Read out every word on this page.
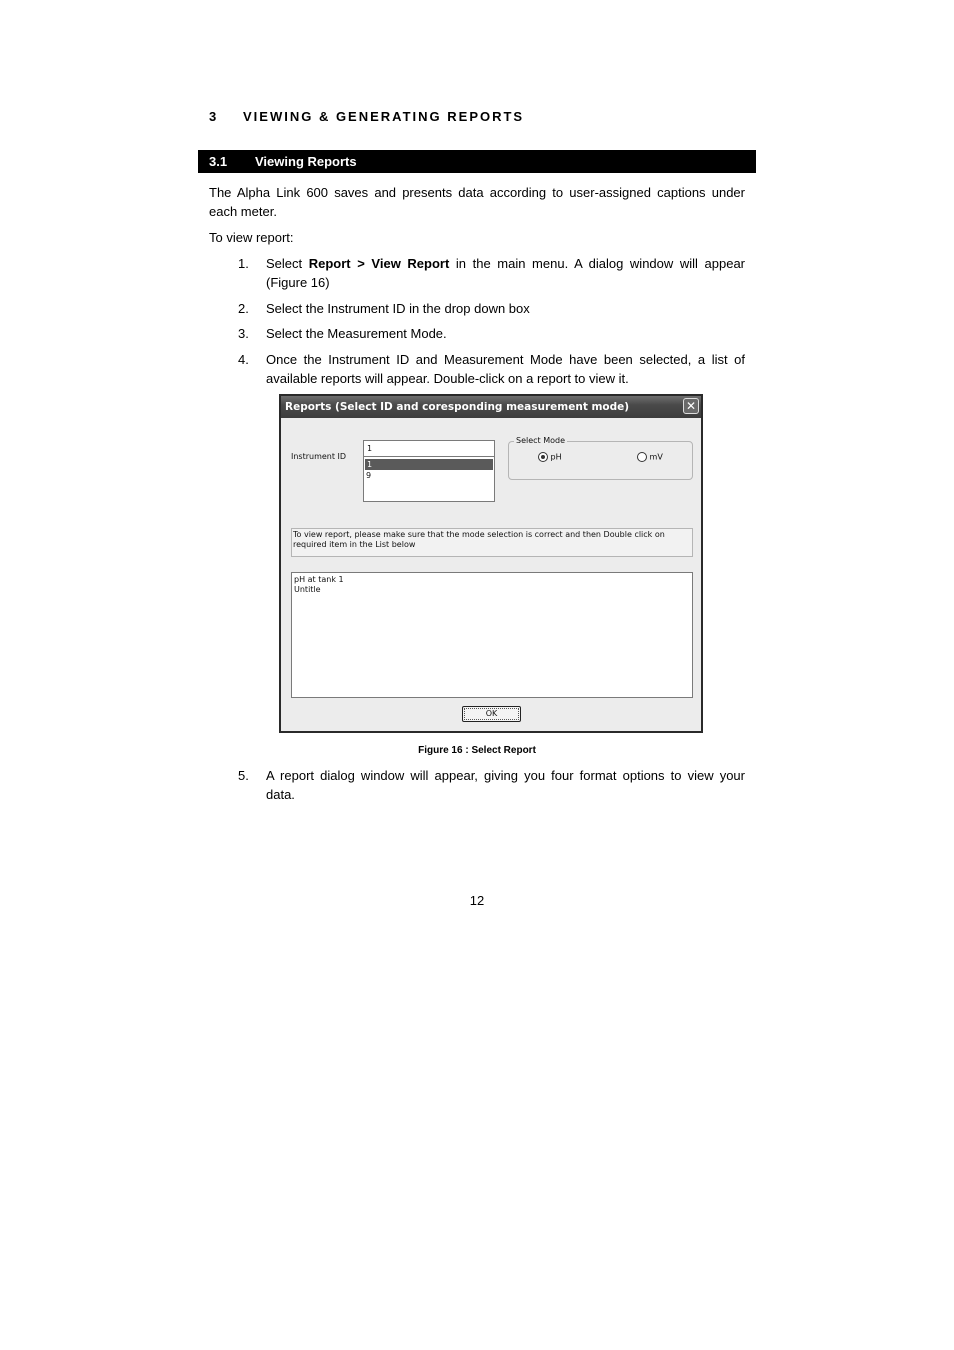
3 VIEWING & GENERATING REPORTS
3.1 Viewing Reports
The Alpha Link 600 saves and presents data according to user-assigned captions under each meter.
To view report:
1. Select Report > View Report in the main menu. A dialog window will appear (Figure 16)
2. Select the Instrument ID in the drop down box
3. Select the Measurement Mode.
4. Once the Instrument ID and Measurement Mode have been selected, a list of available reports will appear. Double-click on a report to view it.
Reports (Select ID and coresponding measurement mode)	✕
Instrument ID
1
1
9
Select Mode
pH	mV
To view report, please make sure that the mode selection is correct and then Double click on required item in the List below
pH at tank 1
Untitle
OK
Figure 16 : Select Report
5. A report dialog window will appear, giving you four format options to view your data.
12
